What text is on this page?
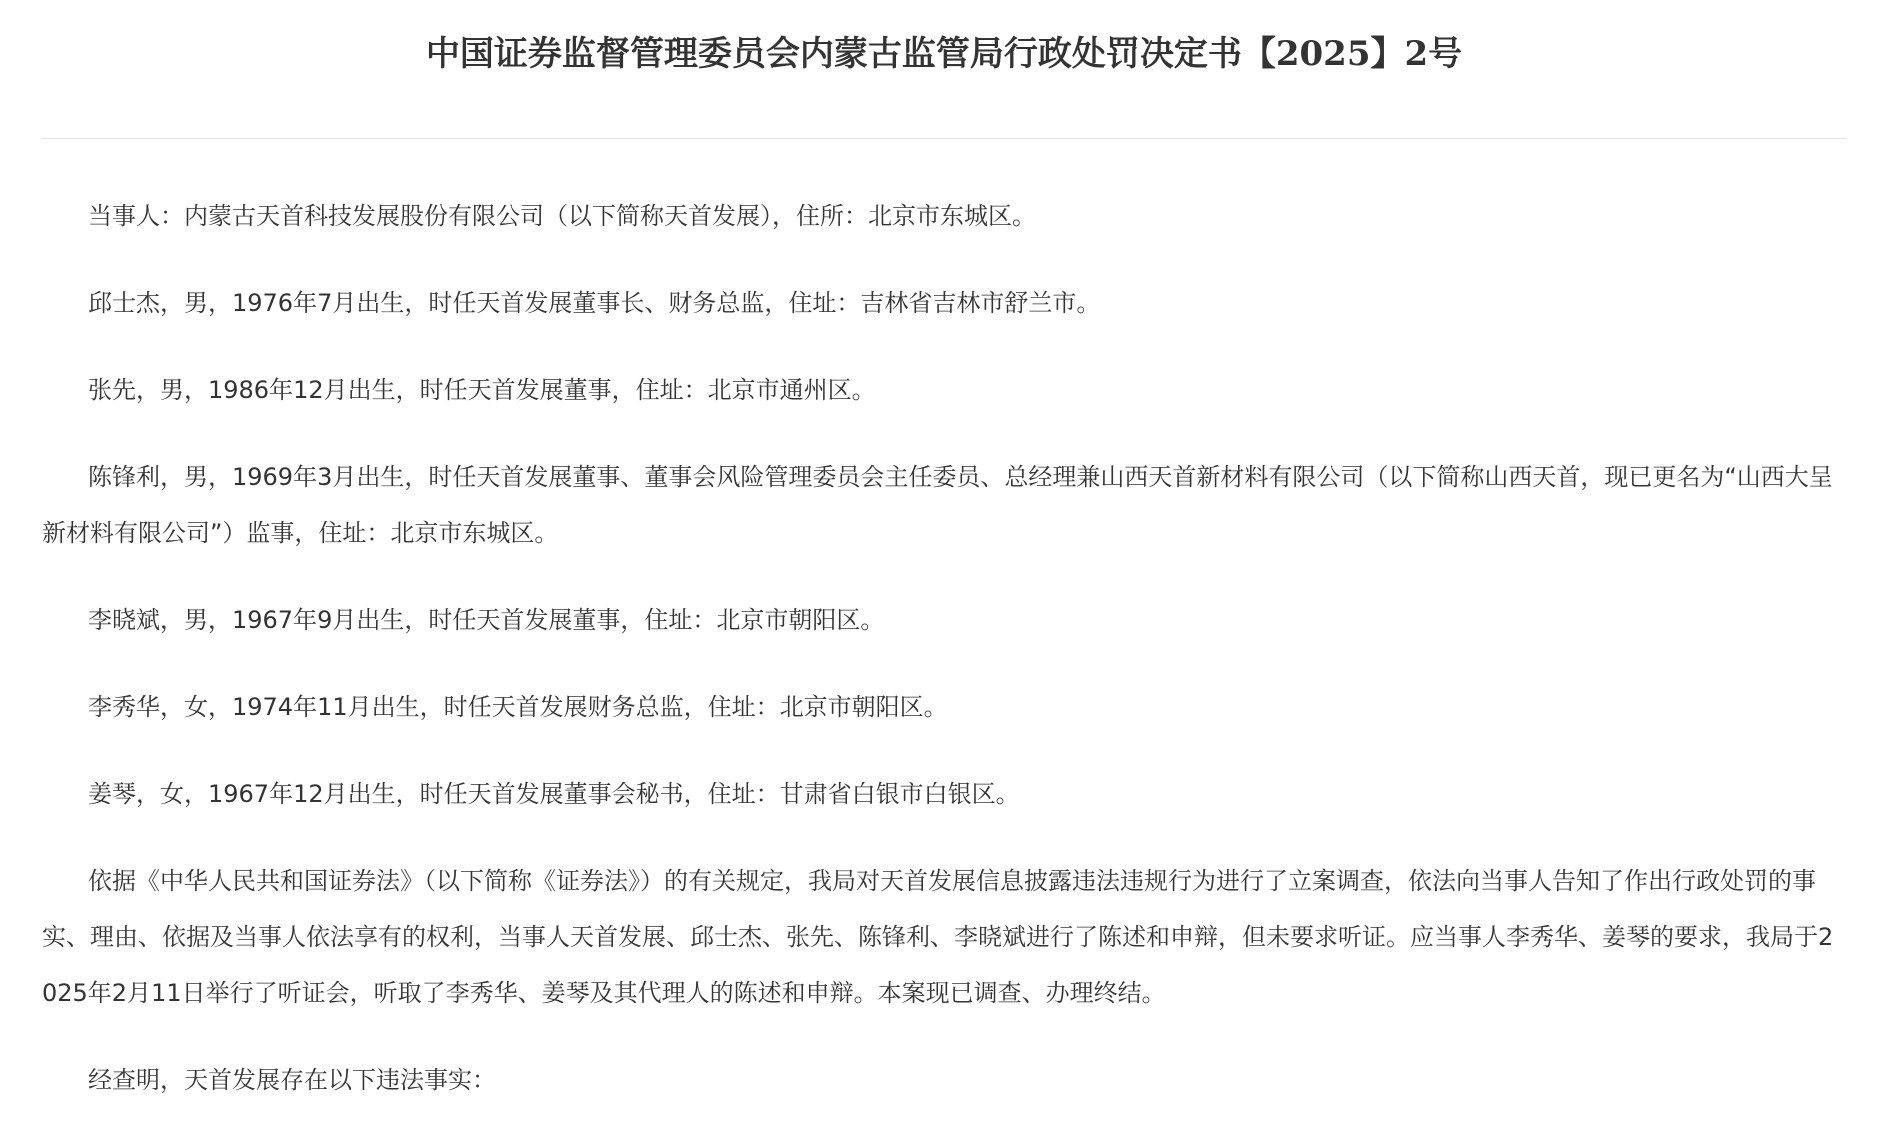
中国证券监督管理委员会内蒙古监管局行政处罚决定书【2025】2号

当事人：内蒙古天首科技发展股份有限公司（以下简称天首发展），住所：北京市东城区。

邱士杰，男，1976年7月出生，时任天首发展董事长、财务总监，住址：吉林省吉林市舒兰市。

张先，男，1986年12月出生，时任天首发展董事，住址：北京市通州区。

陈锋利，男，1969年3月出生，时任天首发展董事、董事会风险管理委员会主任委员、总经理兼山西天首新材料有限公司（以下简称山西天首，现已更名为“山西大呈新材料有限公司”）监事，住址：北京市东城区。

李晓斌，男，1967年9月出生，时任天首发展董事，住址：北京市朝阳区。

李秀华，女，1974年11月出生，时任天首发展财务总监，住址：北京市朝阳区。

姜琴，女，1967年12月出生，时任天首发展董事会秘书，住址：甘肃省白银市白银区。

依据《中华人民共和国证券法》（以下简称《证券法》）的有关规定，我局对天首发展信息披露违法违规行为进行了立案调查，依法向当事人告知了作出行政处罚的事实、理由、依据及当事人依法享有的权利，当事人天首发展、邱士杰、张先、陈锋利、李晓斌进行了陈述和申辩，但未要求听证。应当事人李秀华、姜琴的要求，我局于2025年2月11日举行了听证会，听取了李秀华、姜琴及其代理人的陈述和申辩。本案现已调查、办理终结。

经查明，天首发展存在以下违法事实：
